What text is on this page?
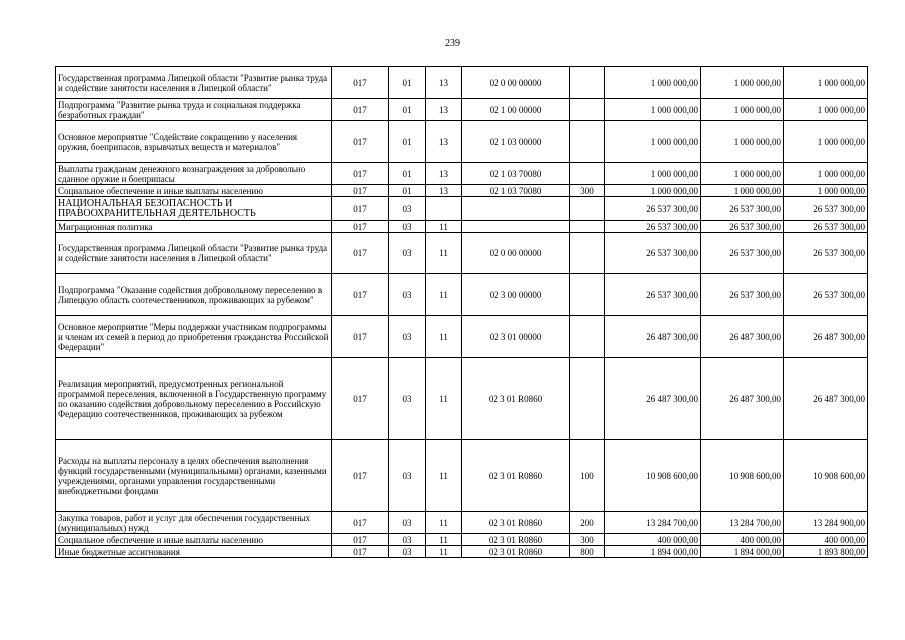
239
Государственная программа Липецкой области "Развитие рынка труда и содействие занятости населения в Липецкой области"	017	01	13	02 0 00 00000		1 000 000,00	1 000 000,00	1 000 000,00
Подпрограмма "Развитие рынка труда и социальная поддержка безработных граждан"	017	01	13	02 1 00 00000		1 000 000,00	1 000 000,00	1 000 000,00
Основное мероприятие "Содействие сокращению у населения оружия, боеприпасов, взрывчатых веществ и материалов"	017	01	13	02 1 03 00000		1 000 000,00	1 000 000,00	1 000 000,00
Выплаты гражданам денежного вознаграждения за добровольно сданное оружие и боеприпасы	017	01	13	02 1 03 70080		1 000 000,00	1 000 000,00	1 000 000,00
Социальное обеспечение и иные выплаты населению	017	01	13	02 1 03 70080	300	1 000 000,00	1 000 000,00	1 000 000,00
НАЦИОНАЛЬНАЯ БЕЗОПАСНОСТЬ И ПРАВООХРАНИТЕЛЬНАЯ ДЕЯТЕЛЬНОСТЬ	017	03				26 537 300,00	26 537 300,00	26 537 300,00
Миграционная политика	017	03	11			26 537 300,00	26 537 300,00	26 537 300,00
Государственная программа Липецкой области "Развитие рынка труда и содействие занятости населения в Липецкой области"	017	03	11	02 0 00 00000		26 537 300,00	26 537 300,00	26 537 300,00
Подпрограмма "Оказание содействия добровольному переселению в Липецкую область соотечественников, проживающих за рубежом"	017	03	11	02 3 00 00000		26 537 300,00	26 537 300,00	26 537 300,00
Основное мероприятие "Меры поддержки участникам подпрограммы и членам их семей в период до приобретения гражданства Российской Федерации"	017	03	11	02 3 01 00000		26 487 300,00	26 487 300,00	26 487 300,00
Реализация мероприятий, предусмотренных региональной программой переселения, включенной в Государственную программу по оказанию содействия добровольному переселению в Российскую Федерацию соотечественников, проживающих за рубежом	017	03	11	02 3 01 R0860		26 487 300,00	26 487 300,00	26 487 300,00
Расходы на выплаты персоналу в целях обеспечения выполнения функций государственными (муниципальными) органами, казенными учреждениями, органами управления государственными внебюджетными фондами	017	03	11	02 3 01 R0860	100	10 908 600,00	10 908 600,00	10 908 600,00
Закупка товаров, работ и услуг для обеспечения государственных (муниципальных) нужд	017	03	11	02 3 01 R0860	200	13 284 700,00	13 284 700,00	13 284 900,00
Социальное обеспечение и иные выплаты населению	017	03	11	02 3 01 R0860	300	400 000,00	400 000,00	400 000,00
Иные бюджетные ассигнования	017	03	11	02 3 01 R0860	800	1 894 000,00	1 894 000,00	1 893 800,00
